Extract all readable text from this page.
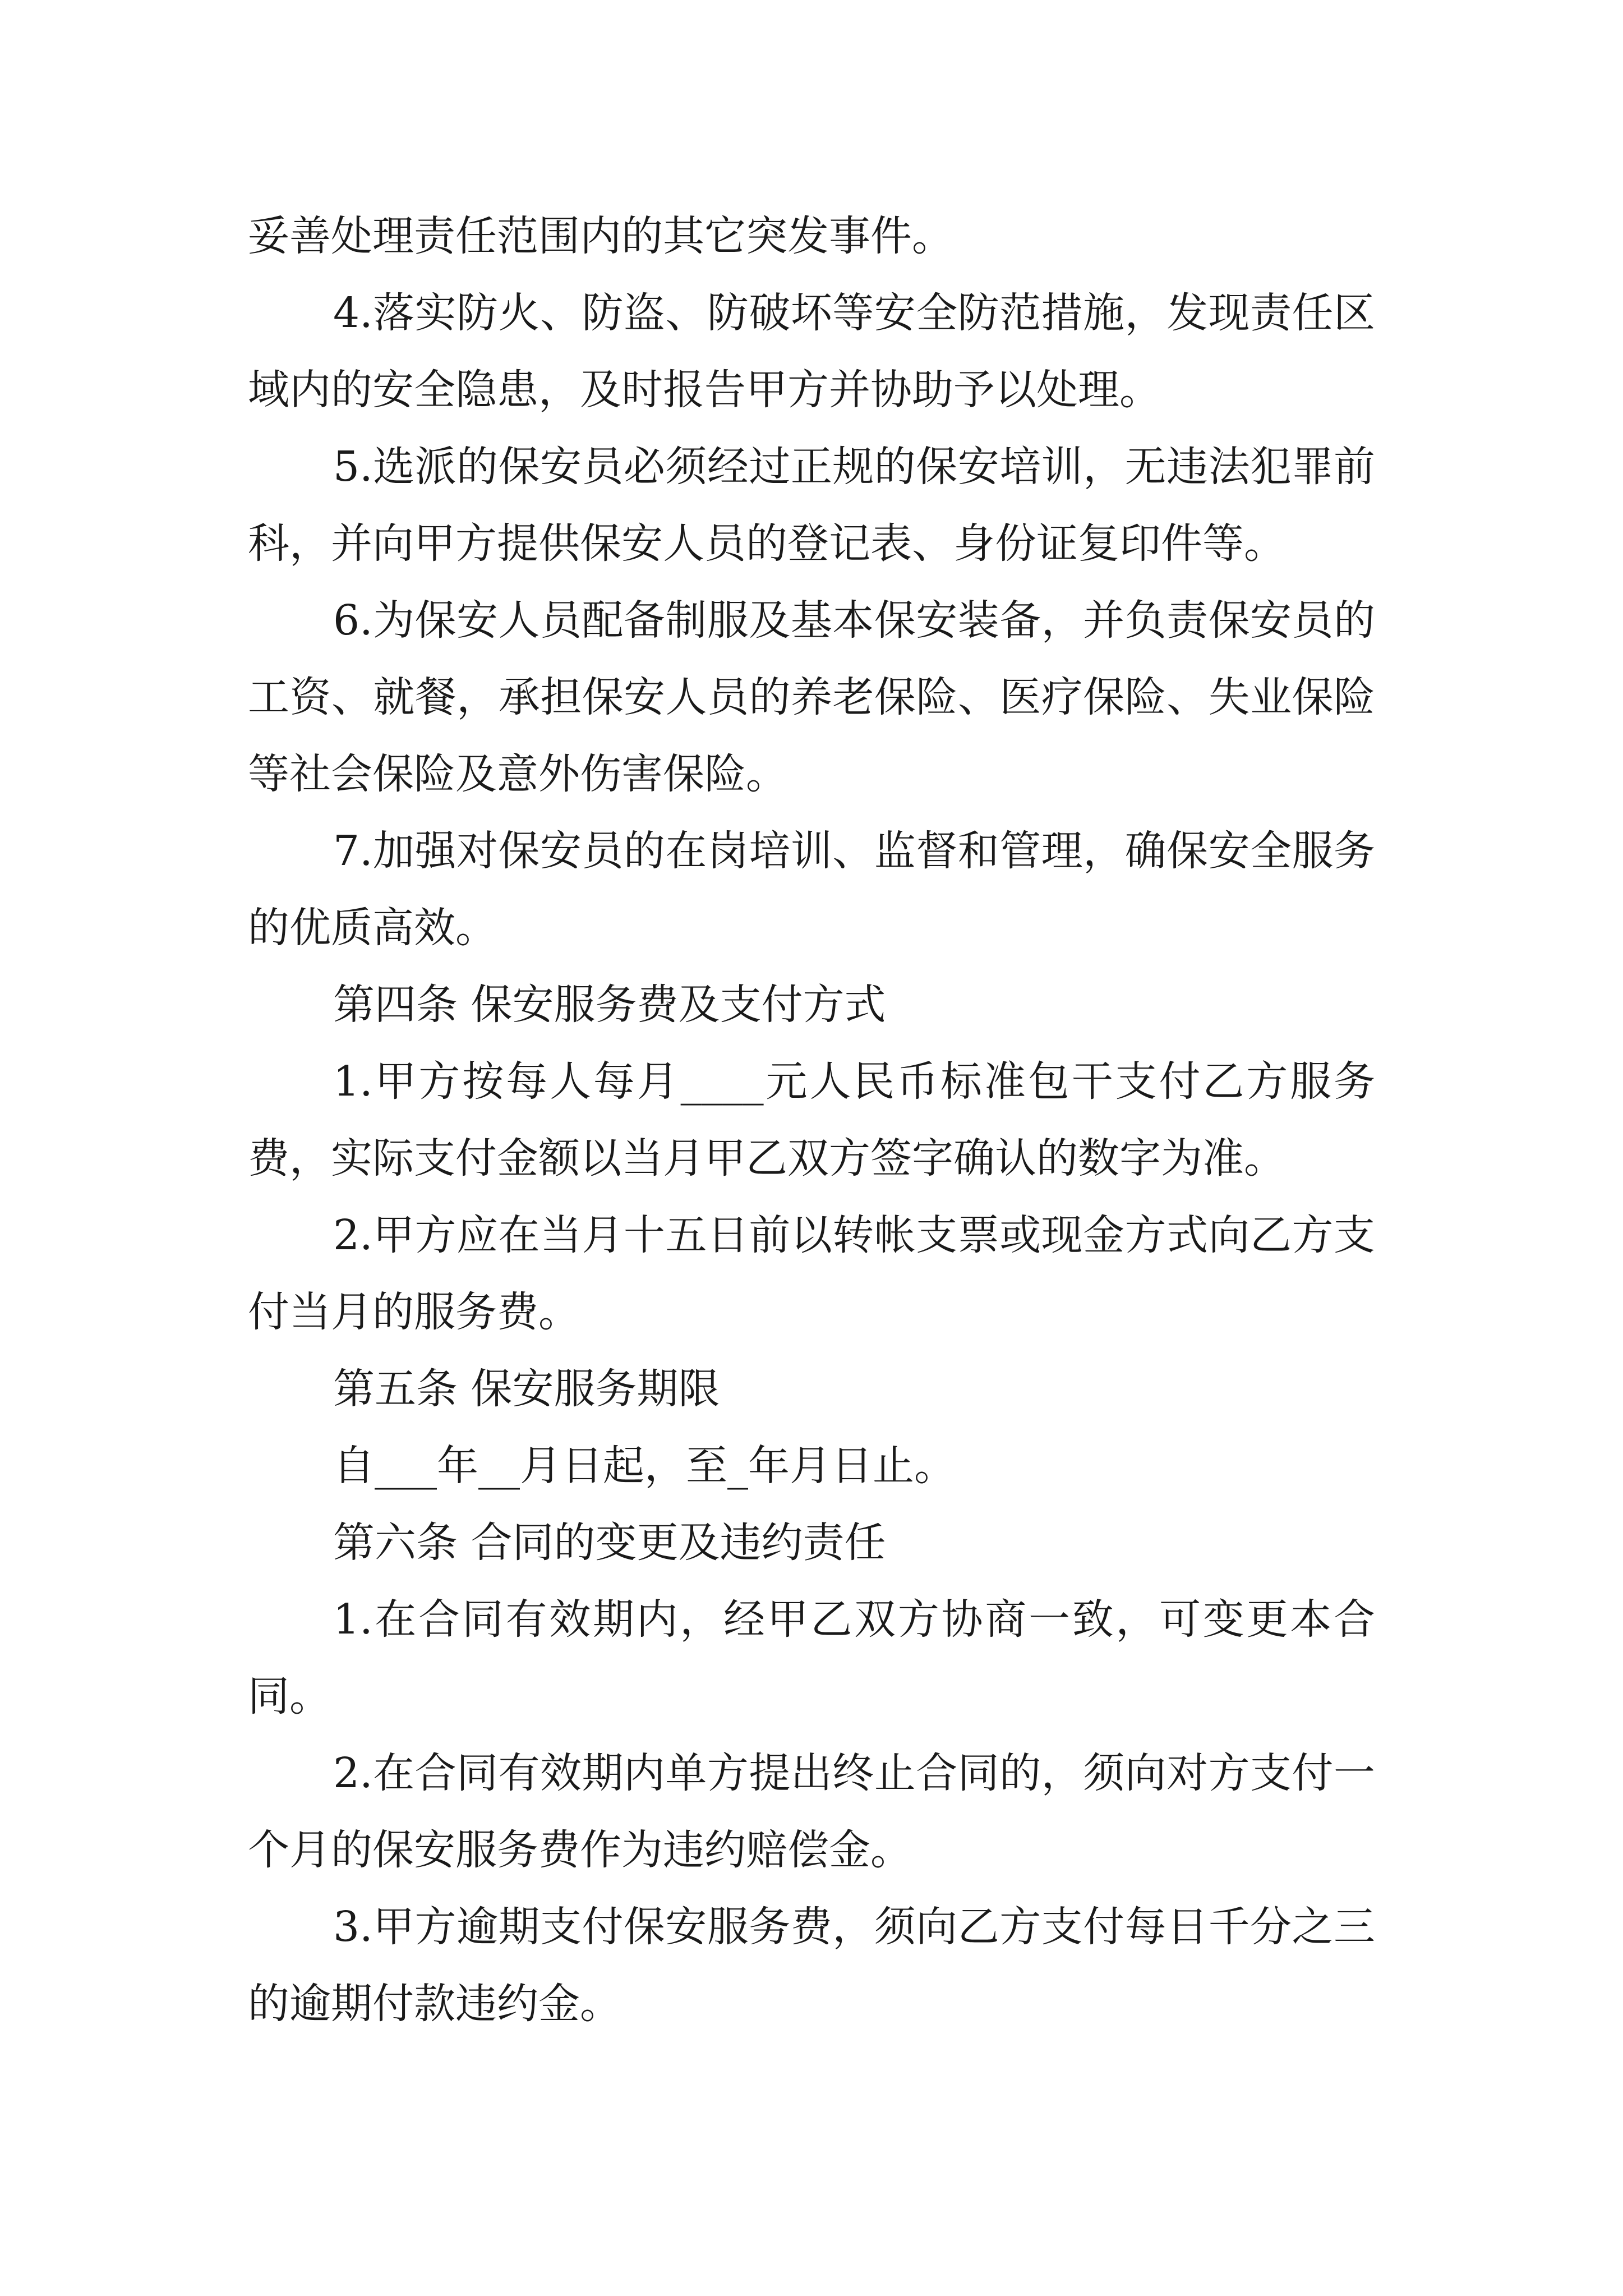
妥善处理责任范围内的其它突发事件。

4.落实防火、防盗、防破坏等安全防范措施，发现责任区域内的安全隐患，及时报告甲方并协助予以处理。

5.选派的保安员必须经过正规的保安培训，无违法犯罪前科，并向甲方提供保安人员的登记表、身份证复印件等。

6.为保安人员配备制服及基本保安装备，并负责保安员的工资、就餐，承担保安人员的养老保险、医疗保险、失业保险等社会保险及意外伤害保险。

7.加强对保安员的在岗培训、监督和管理，确保安全服务的优质高效。

第四条 保安服务费及支付方式

1.甲方按每人每月____元人民币标准包干支付乙方服务费，实际支付金额以当月甲乙双方签字确认的数字为准。

2.甲方应在当月十五日前以转帐支票或现金方式向乙方支付当月的服务费。

第五条 保安服务期限

自___年__月日起，至_年月日止。

第六条 合同的变更及违约责任

1.在合同有效期内，经甲乙双方协商一致，可变更本合同。

2.在合同有效期内单方提出终止合同的，须向对方支付一个月的保安服务费作为违约赔偿金。

3.甲方逾期支付保安服务费，须向乙方支付每日千分之三的逾期付款违约金。
